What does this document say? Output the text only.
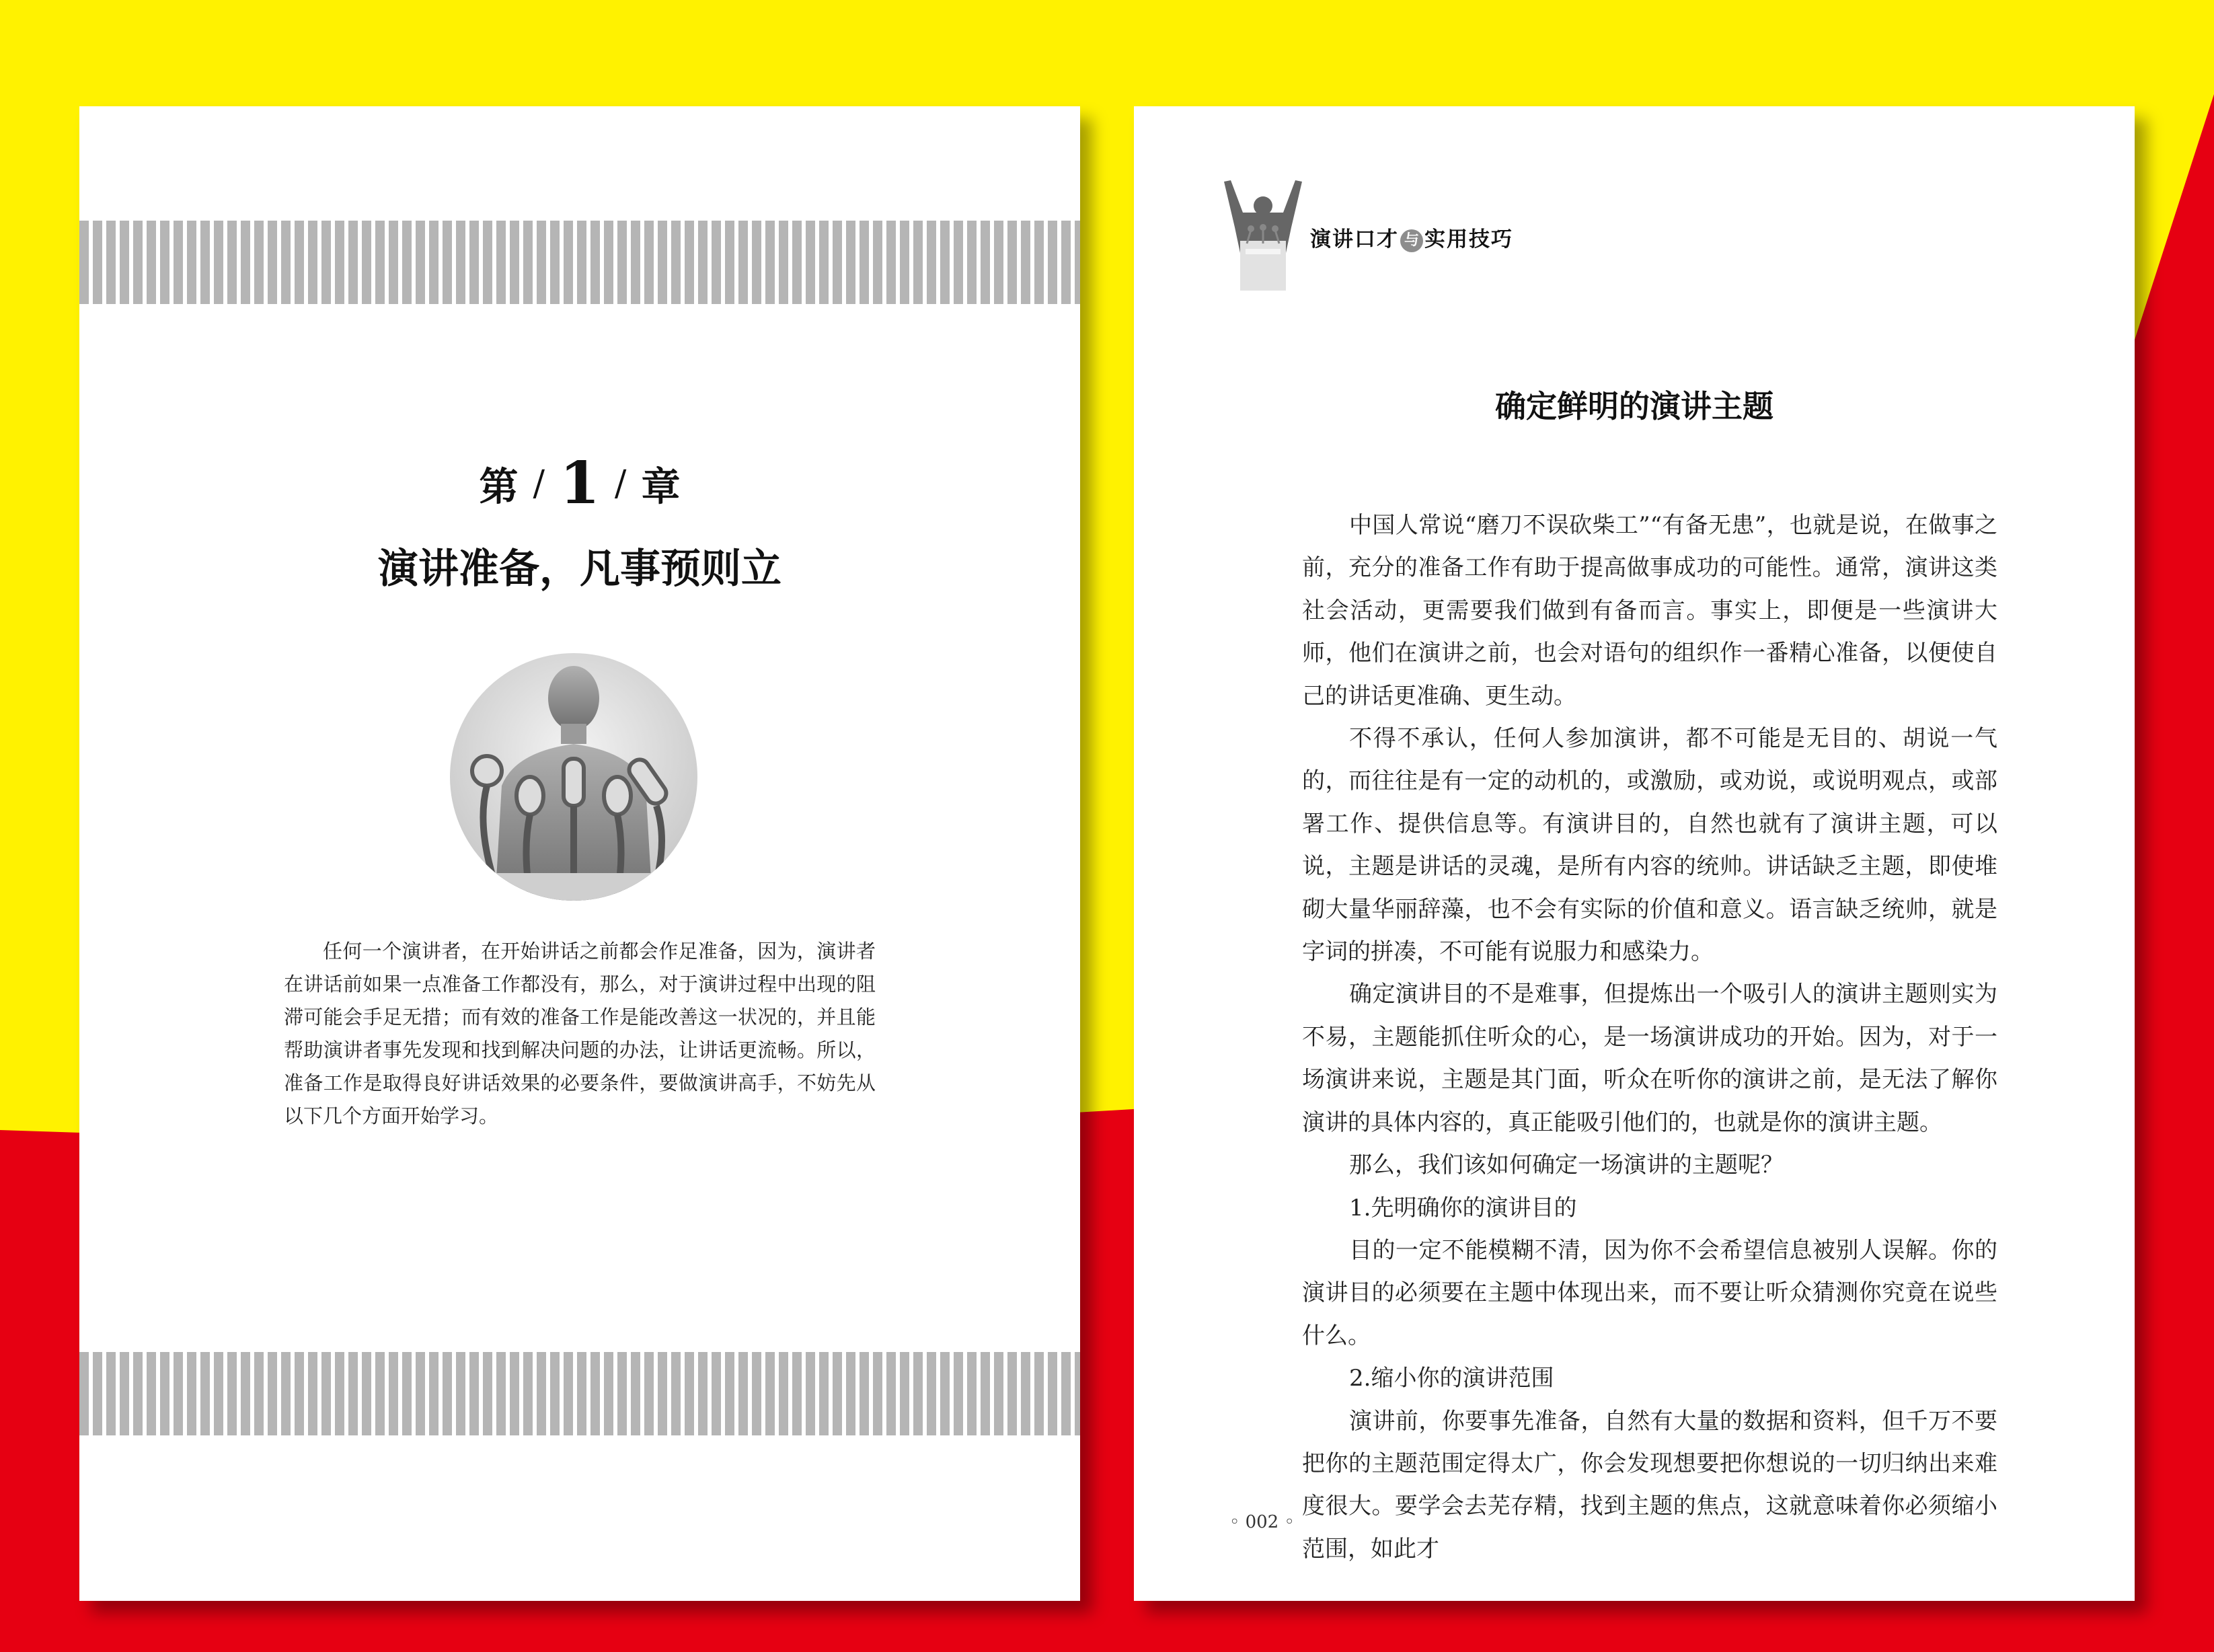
第 / 1 / 章
演讲准备，凡事预则立

任何一个演讲者，在开始讲话之前都会作足准备，因为，演讲者在讲话前如果一点准备工作都没有，那么，对于演讲过程中出现的阻滞可能会手足无措；而有效的准备工作是能改善这一状况的，并且能帮助演讲者事先发现和找到解决问题的办法，让讲话更流畅。所以，准备工作是取得良好讲话效果的必要条件，要做演讲高手，不妨先从以下几个方面开始学习。

演讲口才 与 实用技巧
确定鲜明的演讲主题

中国人常说“磨刀不误砍柴工”“有备无患”，也就是说，在做事之前，充分的准备工作有助于提高做事成功的可能性。通常，演讲这类社会活动，更需要我们做到有备而言。事实上，即便是一些演讲大师，他们在演讲之前，也会对语句的组织作一番精心准备，以便使自己的讲话更准确、更生动。

不得不承认，任何人参加演讲，都不可能是无目的、胡说一气的，而往往是有一定的动机的，或激励，或劝说，或说明观点，或部署工作、提供信息等。有演讲目的，自然也就有了演讲主题，可以说，主题是讲话的灵魂，是所有内容的统帅。讲话缺乏主题，即使堆砌大量华丽辞藻，也不会有实际的价值和意义。语言缺乏统帅，就是字词的拼凑，不可能有说服力和感染力。

确定演讲目的不是难事，但提炼出一个吸引人的演讲主题则实为不易，主题能抓住听众的心，是一场演讲成功的开始。因为，对于一场演讲来说，主题是其门面，听众在听你的演讲之前，是无法了解你演讲的具体内容的，真正能吸引他们的，也就是你的演讲主题。

那么，我们该如何确定一场演讲的主题呢？

1.先明确你的演讲目的

目的一定不能模糊不清，因为你不会希望信息被别人误解。你的演讲目的必须要在主题中体现出来，而不要让听众猜测你究竟在说些什么。

2.缩小你的演讲范围

演讲前，你要事先准备，自然有大量的数据和资料，但千万不要把你的主题范围定得太广，你会发现想要把你想说的一切归纳出来难度很大。要学会去芜存精，找到主题的焦点，这就意味着你必须缩小范围，如此才

◦ 002 ◦
